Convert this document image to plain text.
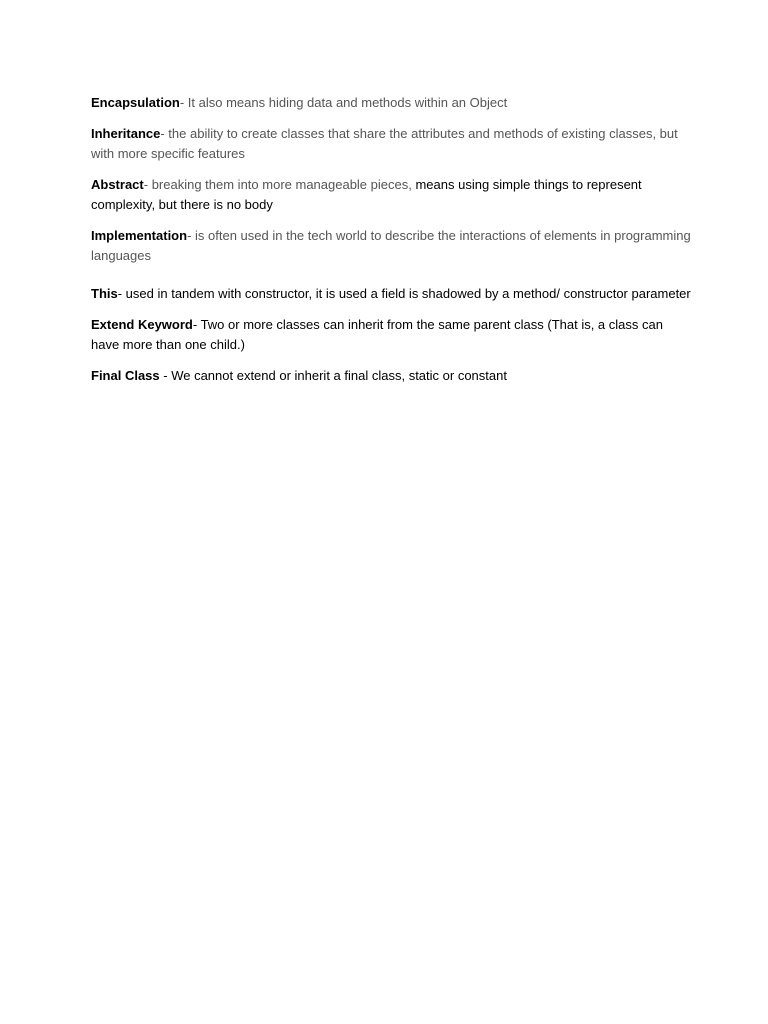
Encapsulation- It also means hiding data and methods within an Object

Inheritance- the ability to create classes that share the attributes and methods of existing classes, but with more specific features

Abstract- breaking them into more manageable pieces, means using simple things to represent complexity, but there is no body

Implementation- is often used in the tech world to describe the interactions of elements in programming languages

This- used in tandem with constructor, it is used a field is shadowed by a method/ constructor parameter

Extend Keyword- Two or more classes can inherit from the same parent class (That is, a class can have more than one child.)

Final Class - We cannot extend or inherit a final class, static or constant
